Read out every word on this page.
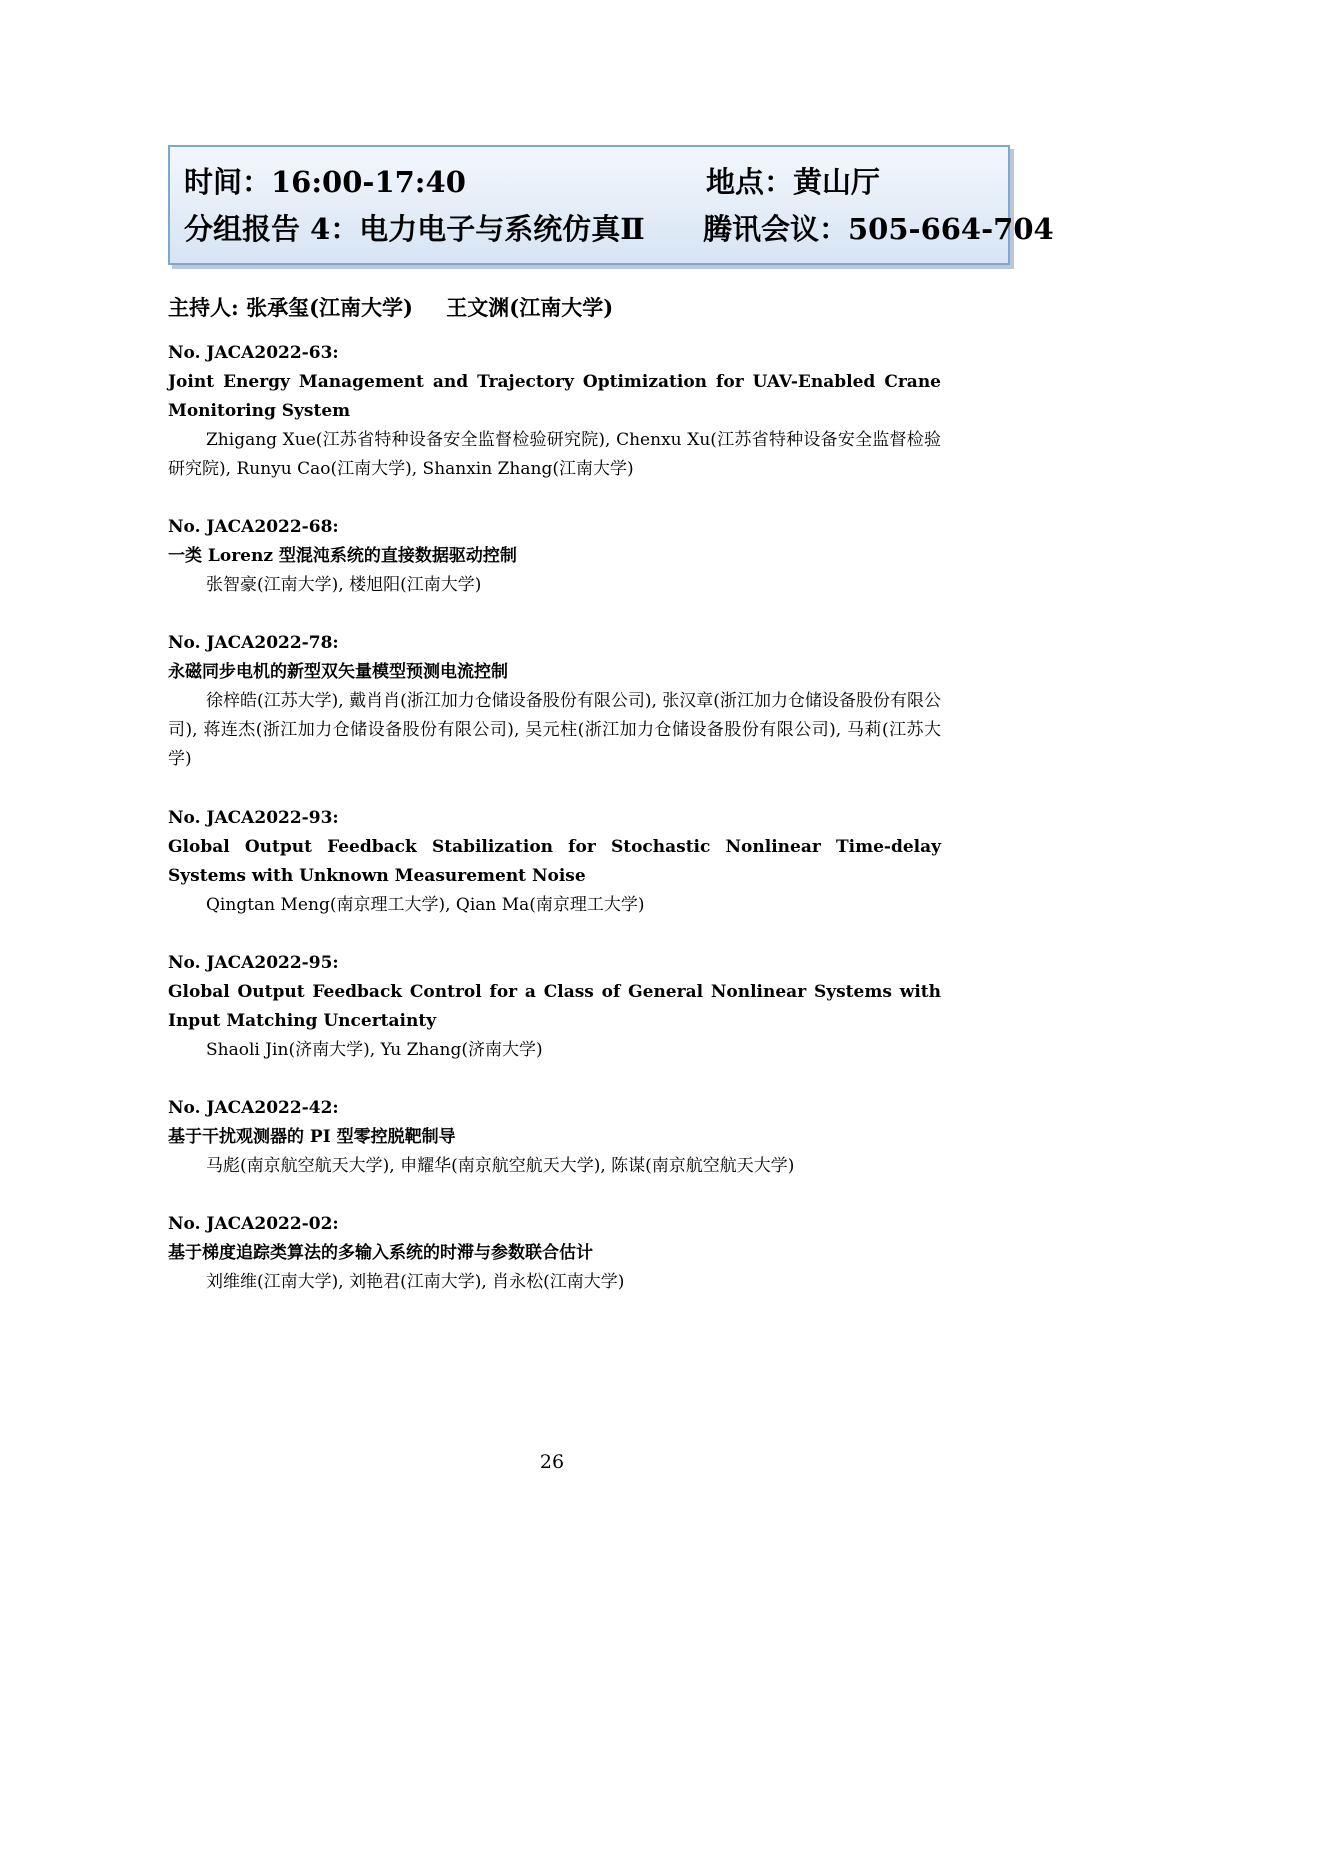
时间：16:00-17:40	地点：黄山厅
分组报告 4：电力电子与系统仿真Ⅱ 腾讯会议：505-664-704
主持人: 张承玺(江南大学) 王文渊(江南大学)
No. JACA2022-63:
Joint Energy Management and Trajectory Optimization for UAV-Enabled Crane Monitoring System
Zhigang Xue(江苏省特种设备安全监督检验研究院), Chenxu Xu(江苏省特种设备安全监督检验研究院), Runyu Cao(江南大学), Shanxin Zhang(江南大学)
No. JACA2022-68:
一类 Lorenz 型混沌系统的直接数据驱动控制
张智豪(江南大学), 楼旭阳(江南大学)
No. JACA2022-78:
永磁同步电机的新型双矢量模型预测电流控制
徐梓皓(江苏大学), 戴肖肖(浙江加力仓储设备股份有限公司), 张汉章(浙江加力仓储设备股份有限公司), 蒋连杰(浙江加力仓储设备股份有限公司), 吴元柱(浙江加力仓储设备股份有限公司), 马莉(江苏大学)
No. JACA2022-93:
Global Output Feedback Stabilization for Stochastic Nonlinear Time-delay Systems with Unknown Measurement Noise
Qingtan Meng(南京理工大学), Qian Ma(南京理工大学)
No. JACA2022-95:
Global Output Feedback Control for a Class of General Nonlinear Systems with Input Matching Uncertainty
Shaoli Jin(济南大学), Yu Zhang(济南大学)
No. JACA2022-42:
基于干扰观测器的 PI 型零控脱靶制导
马彪(南京航空航天大学), 申耀华(南京航空航天大学), 陈谋(南京航空航天大学)
No. JACA2022-02:
基于梯度追踪类算法的多输入系统的时滞与参数联合估计
刘维维(江南大学), 刘艳君(江南大学), 肖永松(江南大学)
26
